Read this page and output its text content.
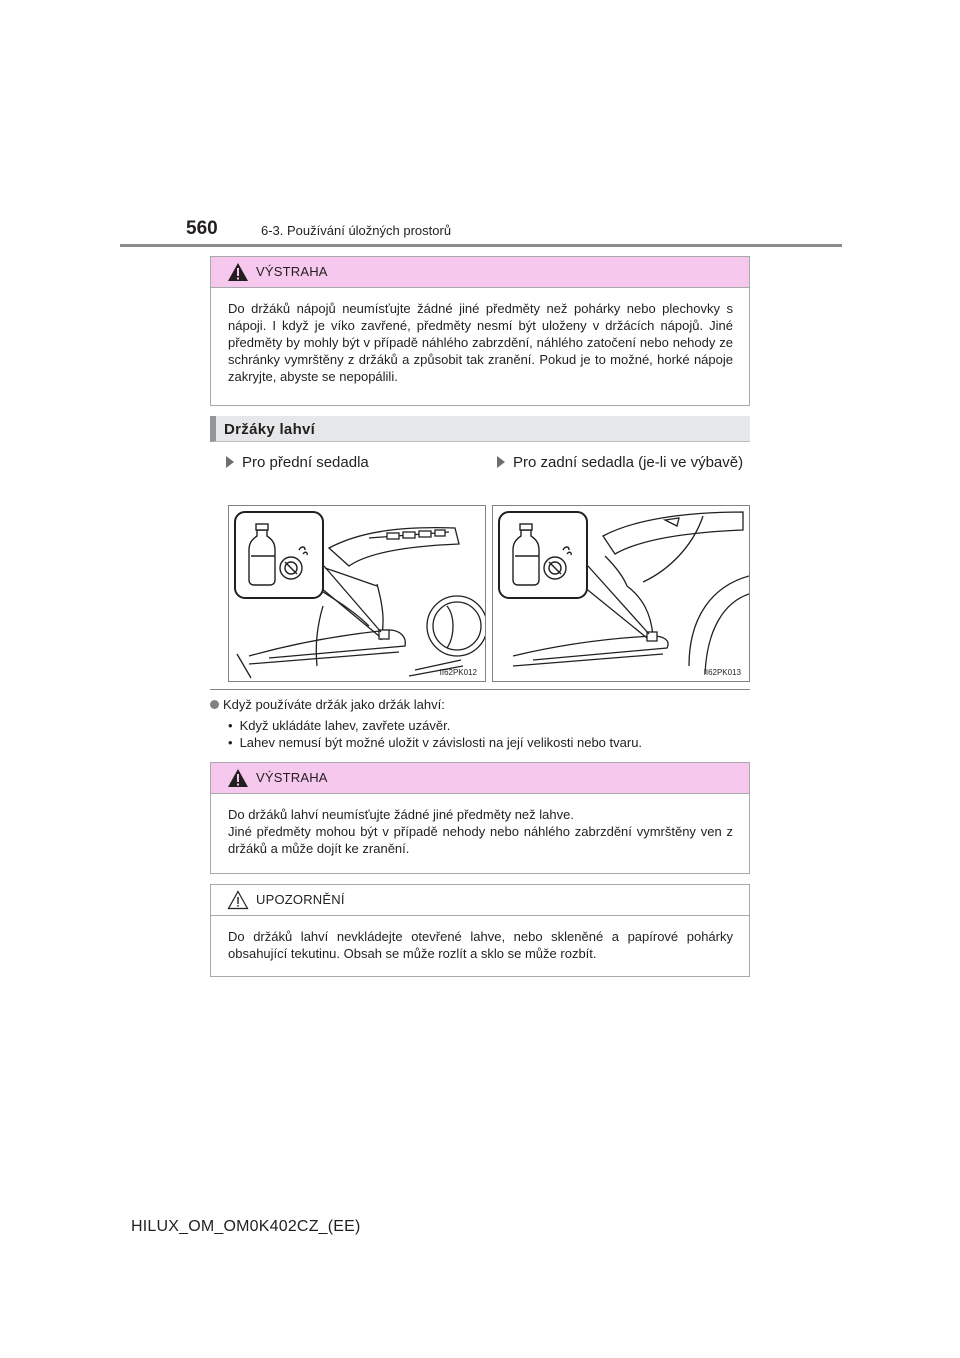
560	6-3. Používání úložných prostorů
VÝSTRAHA

Do držáků nápojů neumísťujte žádné jiné předměty než pohárky nebo plechovky s nápoji. I když je víko zavřené, předměty nesmí být uloženy v držácích nápojů. Jiné předměty by mohly být v případě náhlého zabrzdění, náhlého zatočení nebo nehody ze schránky vymrštěny z držáků a způsobit tak zranění. Pokud je to možné, horké nápoje zakryjte, abyste se nepopálili.

Držáky lahví
Pro přední sedadla	Pro zadní sedadla (je-li ve výbavě)
II62PK012	II62PK013
Když používáte držák jako držák lahví:
• Když ukládáte lahev, zavřete uzávěr.
• Lahev nemusí být možné uložit v závislosti na její velikosti nebo tvaru.
VÝSTRAHA

Do držáků lahví neumísťujte žádné jiné předměty než lahve.

Jiné předměty mohou být v případě nehody nebo náhlého zabrzdění vymrštěny ven z držáků a může dojít ke zranění.

UPOZORNĚNÍ

Do držáků lahví nevkládejte otevřené lahve, nebo skleněné a papírové pohárky obsahující tekutinu. Obsah se může rozlít a sklo se může rozbít.

HILUX_OM_OM0K402CZ_(EE)
